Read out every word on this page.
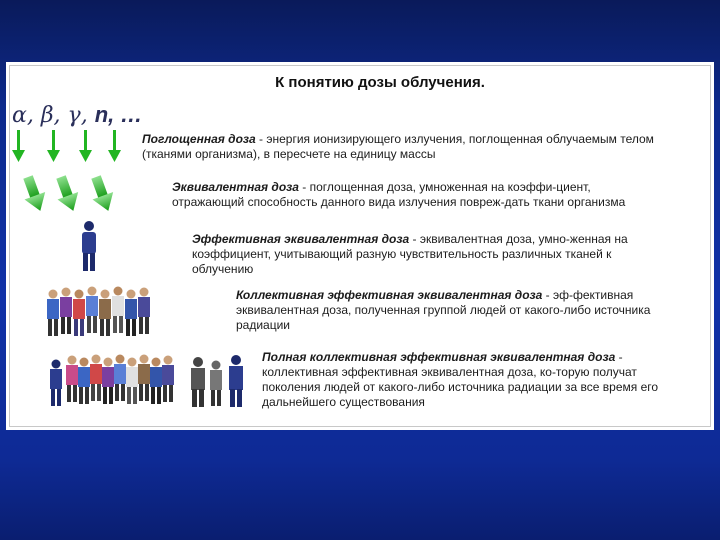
К понятию дозы облучения.
α, β, γ, n, …
Поглощенная доза - энергия ионизирующего излучения, поглощенная облучаемым телом (тканями организма), в пересчете на единицу массы
Эквивалентная доза - поглощенная доза, умноженная на коэффи-циент, отражающий способность данного вида излучения повреж-дать ткани организма
Эффективная эквивалентная доза - эквивалентная доза, умно-женная на коэффициент, учитывающий разную чувствительность различных тканей к облучению
Коллективная эффективная эквивалентная доза - эф-фективная эквивалентная доза, полученная группой людей от какого-либо источника радиации
Полная коллективная эффективная эквивалентная доза - коллективная эффективная эквивалентная доза, ко-торую получат поколения людей от какого-либо источника радиации за все время его дальнейшего существования
